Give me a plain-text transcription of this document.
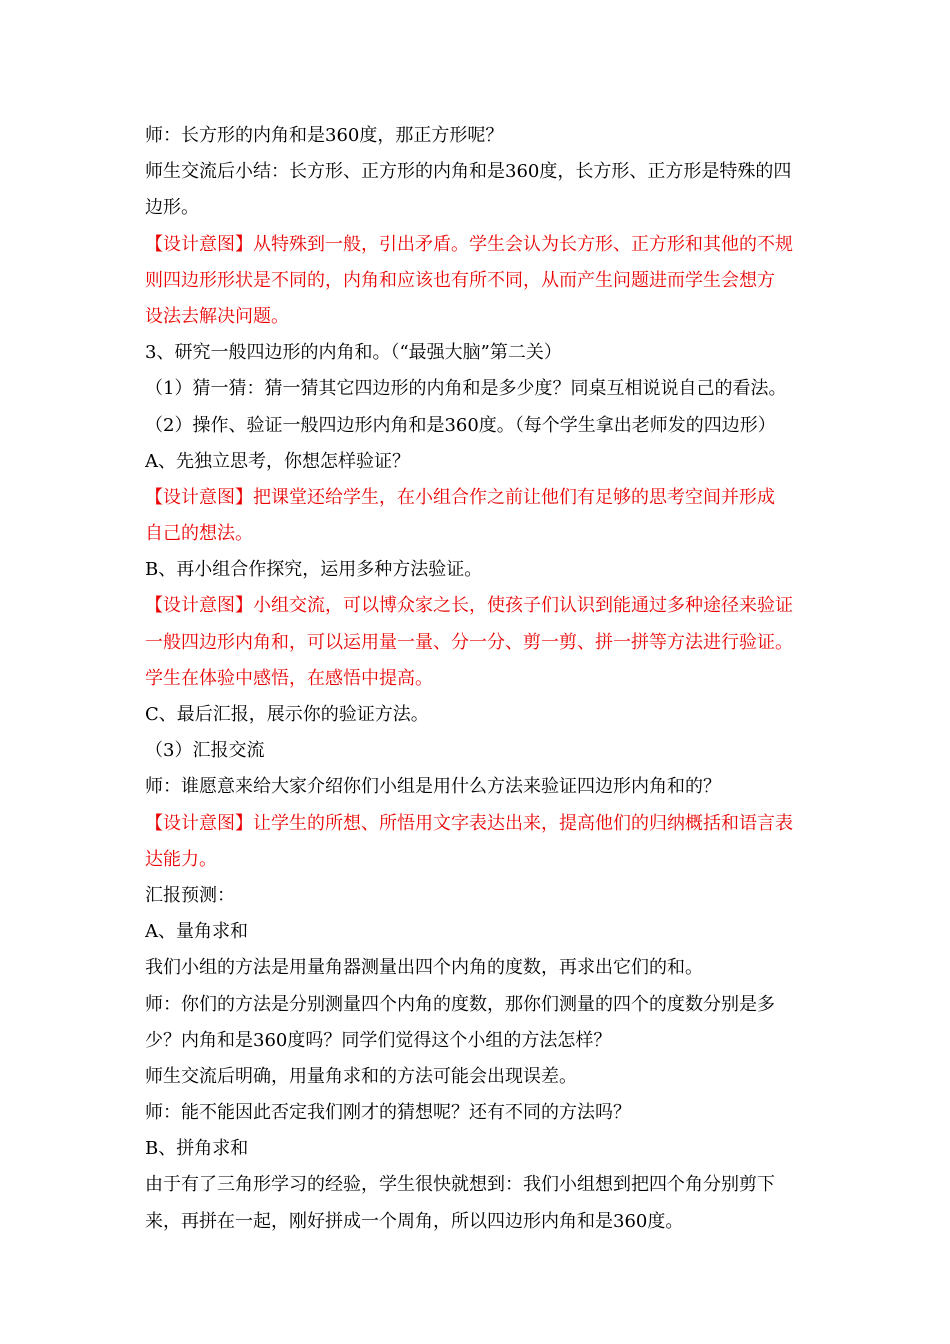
师：长方形的内角和是360度，那正方形呢？
师生交流后小结：长方形、正方形的内角和是360度，长方形、正方形是特殊的四
边形。
【设计意图】从特殊到一般，引出矛盾。学生会认为长方形、正方形和其他的不规
则四边形形状是不同的，内角和应该也有所不同，从而产生问题进而学生会想方
设法去解决问题。
3、研究一般四边形的内角和。（“最强大脑”第二关）
（1）猜一猜：猜一猜其它四边形的内角和是多少度？同桌互相说说自己的看法。
（2）操作、验证一般四边形内角和是360度。（每个学生拿出老师发的四边形）
A、先独立思考，你想怎样验证？
【设计意图】把课堂还给学生，在小组合作之前让他们有足够的思考空间并形成
自己的想法。
B、再小组合作探究，运用多种方法验证。
【设计意图】小组交流，可以博众家之长，使孩子们认识到能通过多种途径来验证
一般四边形内角和，可以运用量一量、分一分、剪一剪、拼一拼等方法进行验证。
学生在体验中感悟，在感悟中提高。
C、最后汇报，展示你的验证方法。
（3）汇报交流
师：谁愿意来给大家介绍你们小组是用什么方法来验证四边形内角和的？
【设计意图】让学生的所想、所悟用文字表达出来，提高他们的归纳概括和语言表
达能力。
汇报预测：
A、量角求和
我们小组的方法是用量角器测量出四个内角的度数，再求出它们的和。
师：你们的方法是分别测量四个内角的度数，那你们测量的四个的度数分别是多
少？内角和是360度吗？同学们觉得这个小组的方法怎样？
师生交流后明确，用量角求和的方法可能会出现误差。
师：能不能因此否定我们刚才的猜想呢？还有不同的方法吗？
B、拼角求和
由于有了三角形学习的经验，学生很快就想到：我们小组想到把四个角分别剪下
来，再拼在一起，刚好拼成一个周角，所以四边形内角和是360度。
